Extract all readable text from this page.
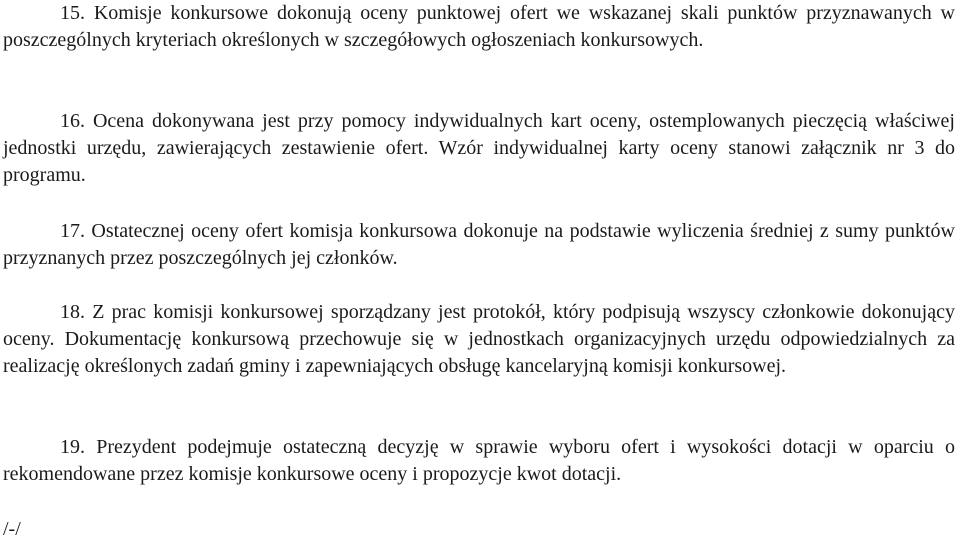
15. Komisje konkursowe dokonują oceny punktowej ofert we wskazanej skali punktów przyznawanych w poszczególnych kryteriach określonych w szczegółowych ogłoszeniach konkursowych.

16. Ocena dokonywana jest przy pomocy indywidualnych kart oceny, ostemplowanych pieczęcią właściwej jednostki urzędu, zawierających zestawienie ofert. Wzór indywidualnej karty oceny stanowi załącznik nr 3 do programu.

17. Ostatecznej oceny ofert komisja konkursowa dokonuje na podstawie wyliczenia średniej z sumy punktów przyznanych przez poszczególnych jej członków.

18. Z prac komisji konkursowej sporządzany jest protokół, który podpisują wszyscy członkowie dokonujący oceny. Dokumentację konkursową przechowuje się w jednostkach organizacyjnych urzędu odpowiedzialnych za realizację określonych zadań gminy i zapewniających obsługę kancelaryjną komisji konkursowej.

19. Prezydent podejmuje ostateczną decyzję w sprawie wyboru ofert i wysokości dotacji w oparciu o rekomendowane przez komisje konkursowe oceny i propozycje kwot dotacji.

/-/
